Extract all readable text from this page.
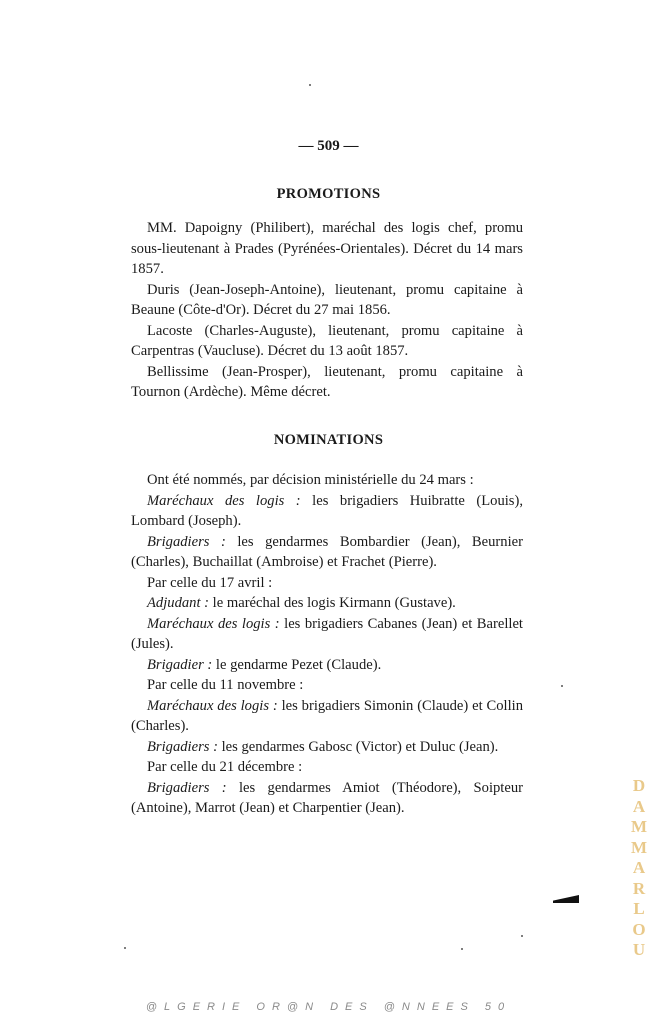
— 509 —
PROMOTIONS

MM. Dapoigny (Philibert), maréchal des logis chef, promu sous-lieutenant à Prades (Pyrénées-Orientales). Décret du 14 mars 1857.

Duris (Jean-Joseph-Antoine), lieutenant, promu capitaine à Beaune (Côte-d'Or). Décret du 27 mai 1856.

Lacoste (Charles-Auguste), lieutenant, promu capitaine à Carpentras (Vaucluse). Décret du 13 août 1857.

Bellissime (Jean-Prosper), lieutenant, promu capitaine à Tournon (Ardèche). Même décret.

NOMINATIONS

Ont été nommés, par décision ministérielle du 24 mars :

Maréchaux des logis : les brigadiers Huibratte (Louis), Lombard (Joseph).

Brigadiers : les gendarmes Bombardier (Jean), Beurnier (Charles), Buchaillat (Ambroise) et Frachet (Pierre).

Par celle du 17 avril :

Adjudant : le maréchal des logis Kirmann (Gustave).

Maréchaux des logis : les brigadiers Cabanes (Jean) et Barellet (Jules).

Brigadier : le gendarme Pezet (Claude).

Par celle du 11 novembre :

Maréchaux des logis : les brigadiers Simonin (Claude) et Collin (Charles).

Brigadiers : les gendarmes Gabosc (Victor) et Duluc (Jean).

Par celle du 21 décembre :

Brigadiers : les gendarmes Amiot (Théodore), Soipteur (Antoine), Marrot (Jean) et Charpentier (Jean).

DAMMARLOU
@LGERIE OR@N DES @NNEES 50
